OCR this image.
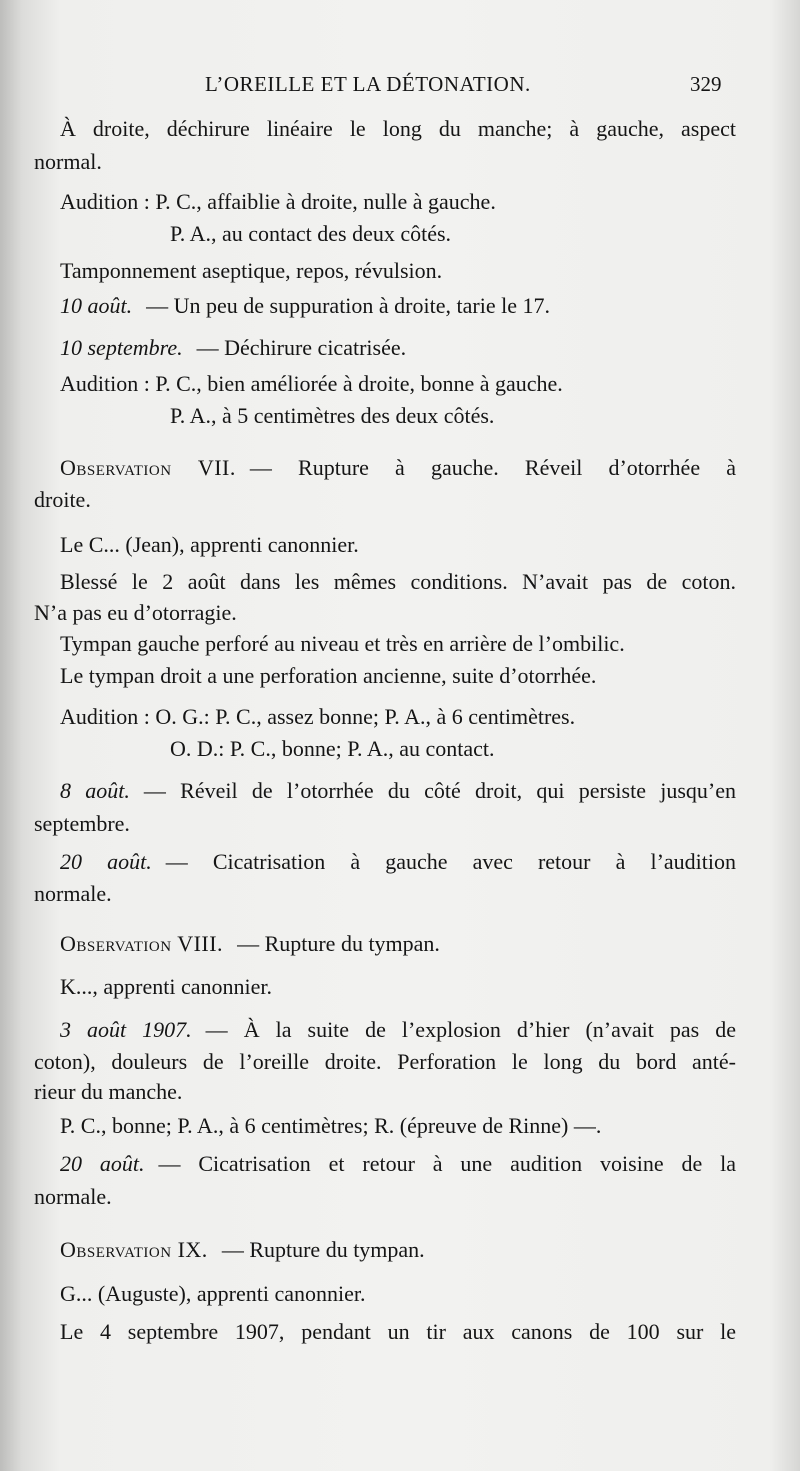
L’OREILLE ET LA DÉTONATION.	329
À droite, déchirure linéaire le long du manche; à gauche, aspect
normal.
Audition : P. C., affaiblie à droite, nulle à gauche.
P. A., au contact des deux côtés.
Tamponnement aseptique, repos, révulsion.
10 août. — Un peu de suppuration à droite, tarie le 17.
10 septembre. — Déchirure cicatrisée.
Audition : P. C., bien améliorée à droite, bonne à gauche.
P. A., à 5 centimètres des deux côtés.
Observation VII. — Rupture à gauche. Réveil d’otorrhée à
droite.
Le C... (Jean), apprenti canonnier.
Blessé le 2 août dans les mêmes conditions. N’avait pas de coton.
N’a pas eu d’otorragie.
Tympan gauche perforé au niveau et très en arrière de l’ombilic.
Le tympan droit a une perforation ancienne, suite d’otorrhée.
Audition : O. G.: P. C., assez bonne; P. A., à 6 centimètres.
O. D.: P. C., bonne; P. A., au contact.
8 août. — Réveil de l’otorrhée du côté droit, qui persiste jusqu’en
septembre.
20 août. — Cicatrisation à gauche avec retour à l’audition
normale.
Observation VIII. — Rupture du tympan.
K..., apprenti canonnier.
3 août 1907. — À la suite de l’explosion d’hier (n’avait pas de
coton), douleurs de l’oreille droite. Perforation le long du bord anté-
rieur du manche.
P. C., bonne; P. A., à 6 centimètres; R. (épreuve de Rinne) —.
20 août. — Cicatrisation et retour à une audition voisine de la
normale.
Observation IX. — Rupture du tympan.
G... (Auguste), apprenti canonnier.
Le 4 septembre 1907, pendant un tir aux canons de 100 sur le
